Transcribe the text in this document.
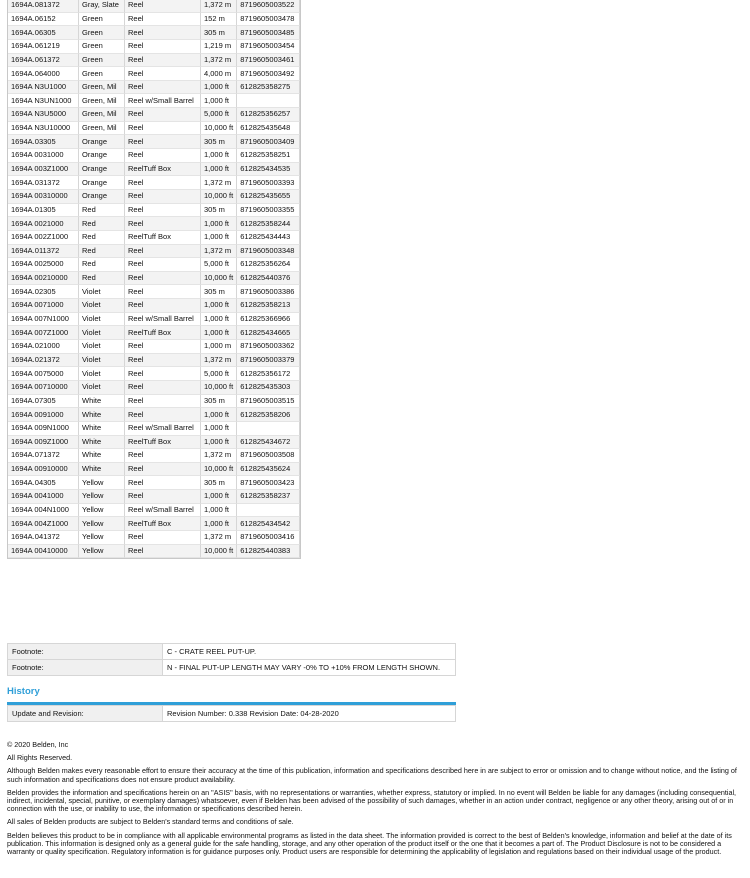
1694A.081372	Gray, Slate	Reel	1,372 m	8719605003522
1694A.06152	Green	Reel	152 m	8719605003478
1694A.06305	Green	Reel	305 m	8719605003485
1694A.061219	Green	Reel	1,219 m	8719605003454
1694A.061372	Green	Reel	1,372 m	8719605003461
1694A.064000	Green	Reel	4,000 m	8719605003492
1694A N3U1000	Green, Mil	Reel	1,000 ft	612825358275
1694A N3UN1000	Green, Mil	Reel w/Small Barrel	1,000 ft	
1694A N3U5000	Green, Mil	Reel	5,000 ft	612825356257
1694A N3U10000	Green, Mil	Reel	10,000 ft	612825435648
1694A.03305	Orange	Reel	305 m	8719605003409
1694A 0031000	Orange	Reel	1,000 ft	612825358251
1694A 003Z1000	Orange	ReelTuff Box	1,000 ft	612825434535
1694A.031372	Orange	Reel	1,372 m	8719605003393
1694A 00310000	Orange	Reel	10,000 ft	612825435655
1694A.01305	Red	Reel	305 m	8719605003355
1694A 0021000	Red	Reel	1,000 ft	612825358244
1694A 002Z1000	Red	ReelTuff Box	1,000 ft	612825434443
1694A.011372	Red	Reel	1,372 m	8719605003348
1694A 0025000	Red	Reel	5,000 ft	612825356264
1694A 00210000	Red	Reel	10,000 ft	612825440376
1694A.02305	Violet	Reel	305 m	8719605003386
1694A 0071000	Violet	Reel	1,000 ft	612825358213
1694A 007N1000	Violet	Reel w/Small Barrel	1,000 ft	612825366966
1694A 007Z1000	Violet	ReelTuff Box	1,000 ft	612825434665
1694A.021000	Violet	Reel	1,000 m	8719605003362
1694A.021372	Violet	Reel	1,372 m	8719605003379
1694A 0075000	Violet	Reel	5,000 ft	612825356172
1694A 00710000	Violet	Reel	10,000 ft	612825435303
1694A.07305	White	Reel	305 m	8719605003515
1694A 0091000	White	Reel	1,000 ft	612825358206
1694A 009N1000	White	Reel w/Small Barrel	1,000 ft	
1694A 009Z1000	White	ReelTuff Box	1,000 ft	612825434672
1694A.071372	White	Reel	1,372 m	8719605003508
1694A 00910000	White	Reel	10,000 ft	612825435624
1694A.04305	Yellow	Reel	305 m	8719605003423
1694A 0041000	Yellow	Reel	1,000 ft	612825358237
1694A 004N1000	Yellow	Reel w/Small Barrel	1,000 ft	
1694A 004Z1000	Yellow	ReelTuff Box	1,000 ft	612825434542
1694A.041372	Yellow	Reel	1,372 m	8719605003416
1694A 00410000	Yellow	Reel	10,000 ft	612825440383
Footnote:	C - CRATE REEL PUT-UP.
Footnote:	N - FINAL PUT-UP LENGTH MAY VARY -0% TO +10% FROM LENGTH SHOWN.
History
Update and Revision:	Revision Number: 0.338 Revision Date: 04-28-2020

© 2020 Belden, Inc

All Rights Reserved.

Although Belden makes every reasonable effort to ensure their accuracy at the time of this publication, information and specifications described here in are subject to error or omission and to change without notice, and the listing of such information and specifications does not ensure product availability.

Belden provides the information and specifications herein on an "ASIS" basis, with no representations or warranties, whether express, statutory or implied. In no event will Belden be liable for any damages (including consequential, indirect, incidental, special, punitive, or exemplary damages) whatsoever, even if Belden has been advised of the possibility of such damages, whether in an action under contract, negligence or any other theory, arising out of or in connection with the use, or inability to use, the information or specifications described herein.

All sales of Belden products are subject to Belden's standard terms and conditions of sale.

Belden believes this product to be in compliance with all applicable environmental programs as listed in the data sheet. The information provided is correct to the best of Belden's knowledge, information and belief at the date of its publication. This information is designed only as a general guide for the safe handling, storage, and any other operation of the product itself or the one that it becomes a part of. The Product Disclosure is not to be considered a warranty or quality specification. Regulatory information is for guidance purposes only. Product users are responsible for determining the applicability of legislation and regulations based on their individual usage of the product.
